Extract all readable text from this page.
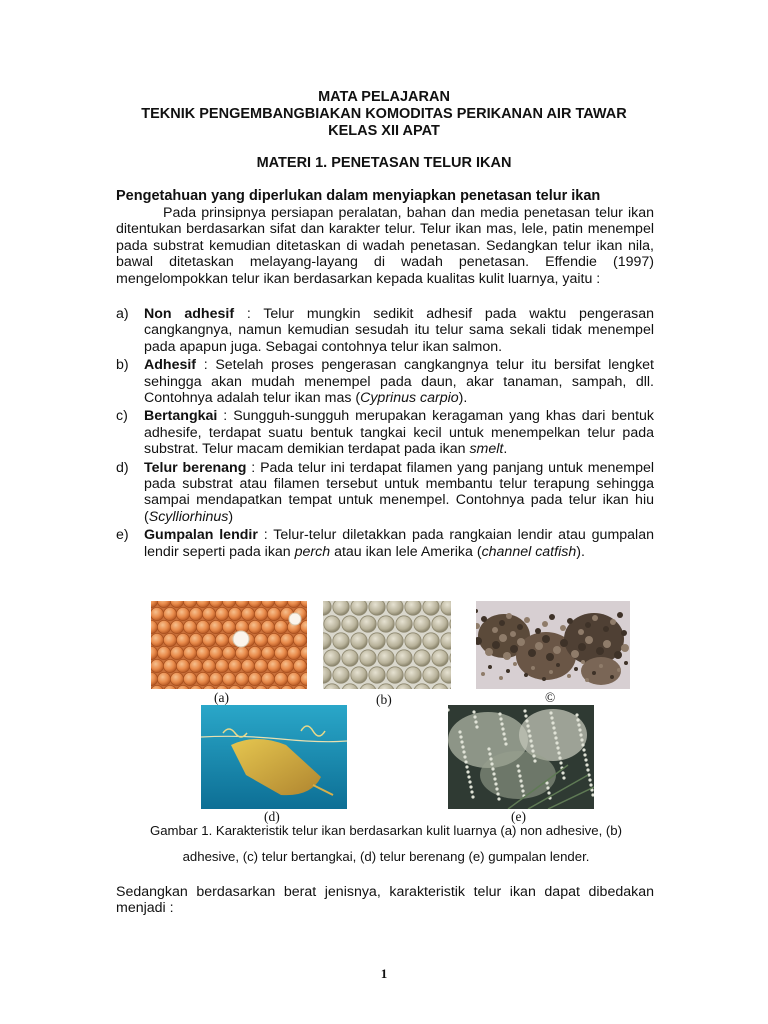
MATA PELAJARAN
TEKNIK PENGEMBANGBIAKAN KOMODITAS PERIKANAN AIR TAWAR
KELAS XII APAT
MATERI 1. PENETASAN TELUR IKAN
Pengetahuan yang diperlukan dalam menyiapkan penetasan telur ikan
Pada prinsipnya persiapan peralatan, bahan dan media penetasan telur ikan ditentukan berdasarkan sifat dan karakter telur. Telur ikan mas, lele, patin menempel pada substrat kemudian ditetaskan di wadah penetasan. Sedangkan telur ikan nila, bawal ditetaskan melayang-layang di wadah penetasan. Effendie (1997) mengelompokkan telur ikan berdasarkan kepada kualitas kulit luarnya, yaitu :
a)	Non adhesif : Telur mungkin sedikit adhesif pada waktu pengerasan cangkangnya, namun kemudian sesudah itu telur sama sekali tidak menempel pada apapun juga. Sebagai contohnya telur ikan salmon.
b)	Adhesif : Setelah proses pengerasan cangkangnya telur itu bersifat lengket sehingga akan mudah menempel pada daun, akar tanaman, sampah, dll. Contohnya adalah telur ikan mas (Cyprinus carpio).
c)	Bertangkai : Sungguh-sungguh merupakan keragaman yang khas dari bentuk adhesife, terdapat suatu bentuk tangkai kecil untuk menempelkan telur pada substrat. Telur macam demikian terdapat pada ikan smelt.
d)	Telur berenang : Pada telur ini terdapat filamen yang panjang untuk menempel pada substrat atau filamen tersebut untuk membantu telur terapung sehingga sampai mendapatkan tempat untuk menempel. Contohnya pada telur ikan hiu (Scylliorhinus)
e)	Gumpalan lendir : Telur-telur diletakkan pada rangkaian lendir atau gumpalan lendir seperti pada ikan perch atau ikan lele Amerika (channel catfish).
(a)	(b)	©
(d)	(e)
Gambar 1. Karakteristik telur ikan berdasarkan kulit luarnya (a) non adhesive, (b)
adhesive, (c) telur bertangkai, (d) telur berenang (e) gumpalan lender.
Sedangkan berdasarkan berat jenisnya, karakteristik telur ikan dapat dibedakan menjadi :
1
